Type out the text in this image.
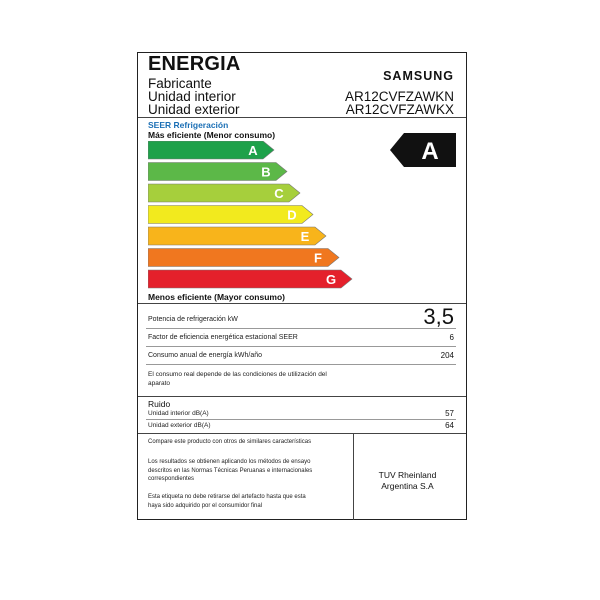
ENERGIA
Fabricante	SAMSUNG
Unidad interior	AR12CVFZAWKN
Unidad exterior	AR12CVFZAWKX
SEER Refrigeración
Más eficiente (Menor consumo)
A
B
C
D
E
F
G
A
Menos eficiente (Mayor consumo)
Potencia de refrigeración kW	3,5
Factor de eficiencia energética estacional SEER	6
Consumo anual de energía kWh/año	204
El consumo real depende de las condiciones de utilización del aparato
Ruido
Unidad interior dB(A)	57
Unidad exterior dB(A)	64
Compare este producto con otros de similares características
Los resultados se obtienen aplicando los métodos de ensayo descritos en las Normas Técnicas Peruanas e internacionales correspondientes
Esta etiqueta no debe retirarse del artefacto hasta que esta haya sido adquirido por el consumidor final
TUV Rheinland
Argentina S.A
